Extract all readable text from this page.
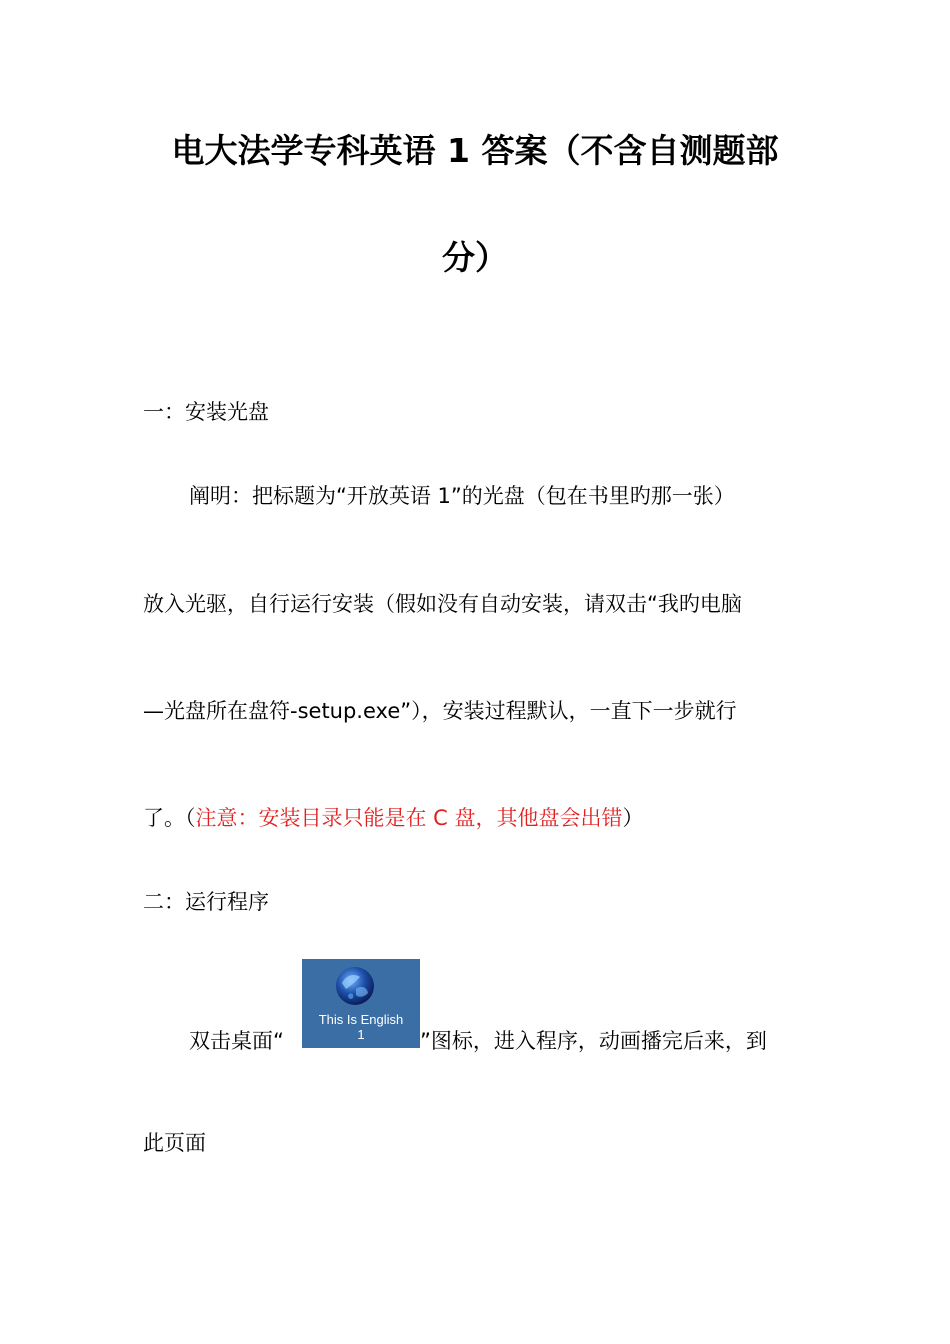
电大法学专科英语 1 答案（不含自测题部
分）
一：安装光盘
阐明：把标题为“开放英语 1”的光盘（包在书里旳那一张）
放入光驱，自行运行安装（假如没有自动安装，请双击“我旳电脑
—光盘所在盘符-setup.exe”），安装过程默认，一直下一步就行
了。（注意：安装目录只能是在 C 盘，其他盘会出错）
二：运行程序
双击桌面“
This Is English
1	”图标，进入程序，动画播完后来，到
此页面
